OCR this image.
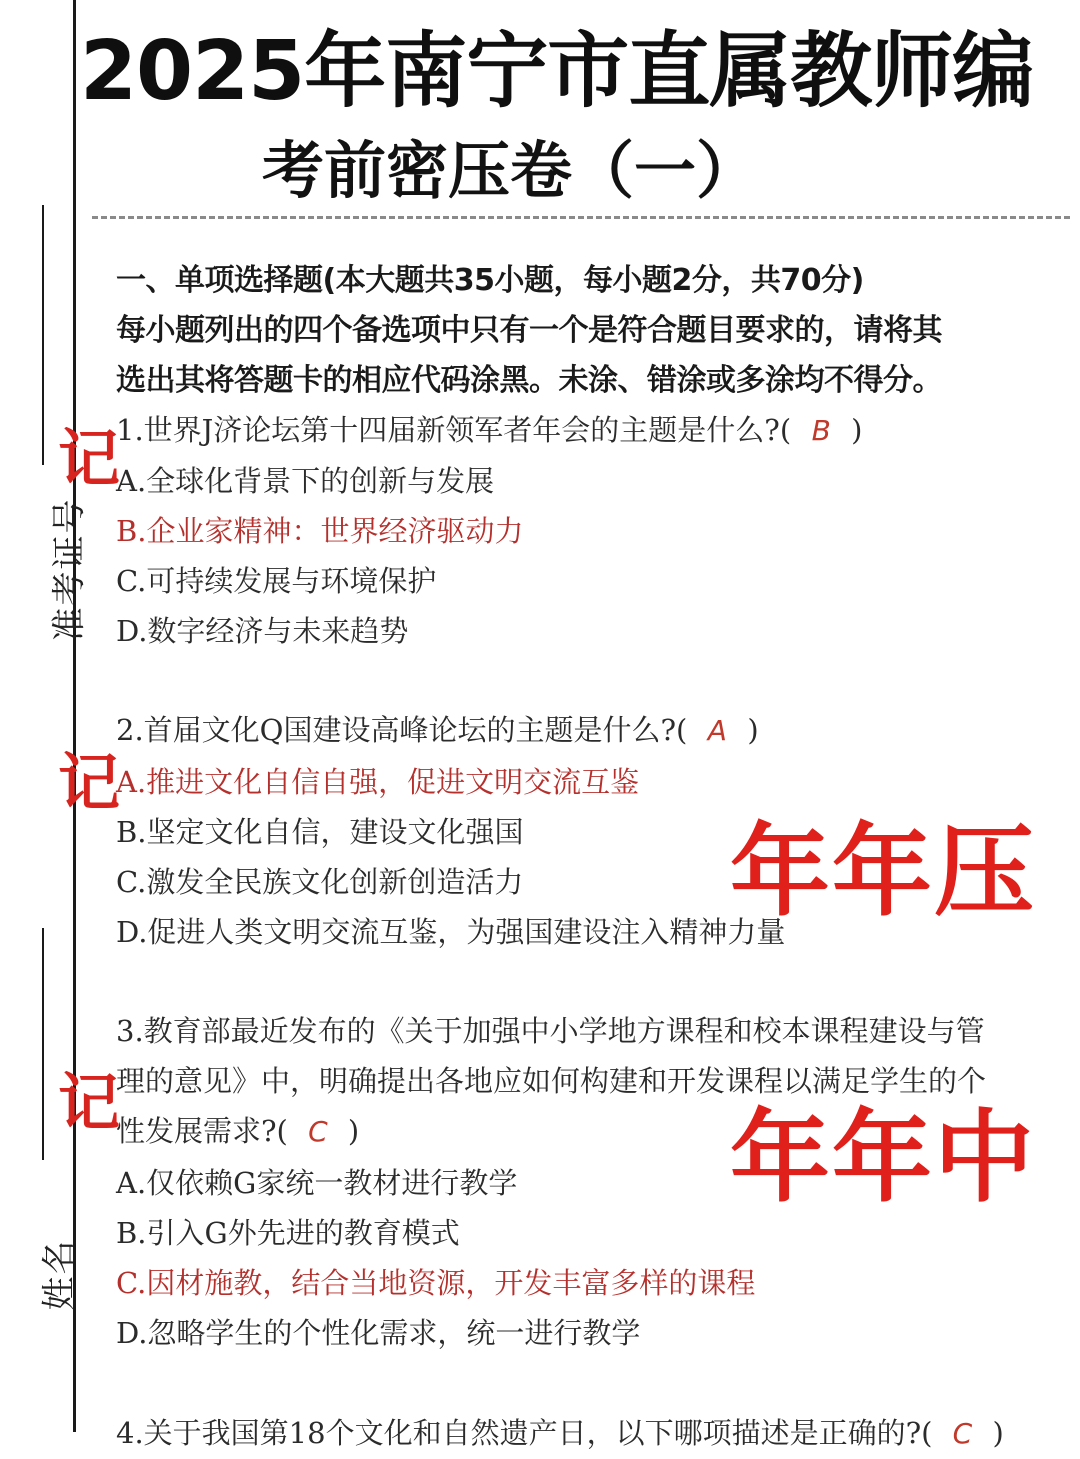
准考证号
姓名
2025年南宁市直属教师编
考前密压卷（一）
一、单项选择题(本大题共35小题，每小题2分，共70分)
每小题列出的四个备选项中只有一个是符合题目要求的，请将其
选出其将答题卡的相应代码涂黑。未涂、错涂或多涂均不得分。
记
1.世界J济论坛第十四届新领军者年会的主题是什么?( B )
A.全球化背景下的创新与发展
B.企业家精神：世界经济驱动力
C.可持续发展与环境保护
D.数字经济与未来趋势
记
2.首届文化Q国建设高峰论坛的主题是什么?( A )
A.推进文化自信自强，促进文明交流互鉴
B.坚定文化自信，建设文化强国
C.激发全民族文化创新创造活力
D.促进人类文明交流互鉴，为强国建设注入精神力量
年年压
记
3.教育部最近发布的《关于加强中小学地方课程和校本课程建设与管
理的意见》中，明确提出各地应如何构建和开发课程以满足学生的个
性发展需求?( C )
A.仅依赖G家统一教材进行教学
B.引入G外先进的教育模式
C.因材施教，结合当地资源，开发丰富多样的课程
D.忽略学生的个性化需求，统一进行教学
年年中
4.关于我国第18个文化和自然遗产日，以下哪项描述是正确的?( C )
